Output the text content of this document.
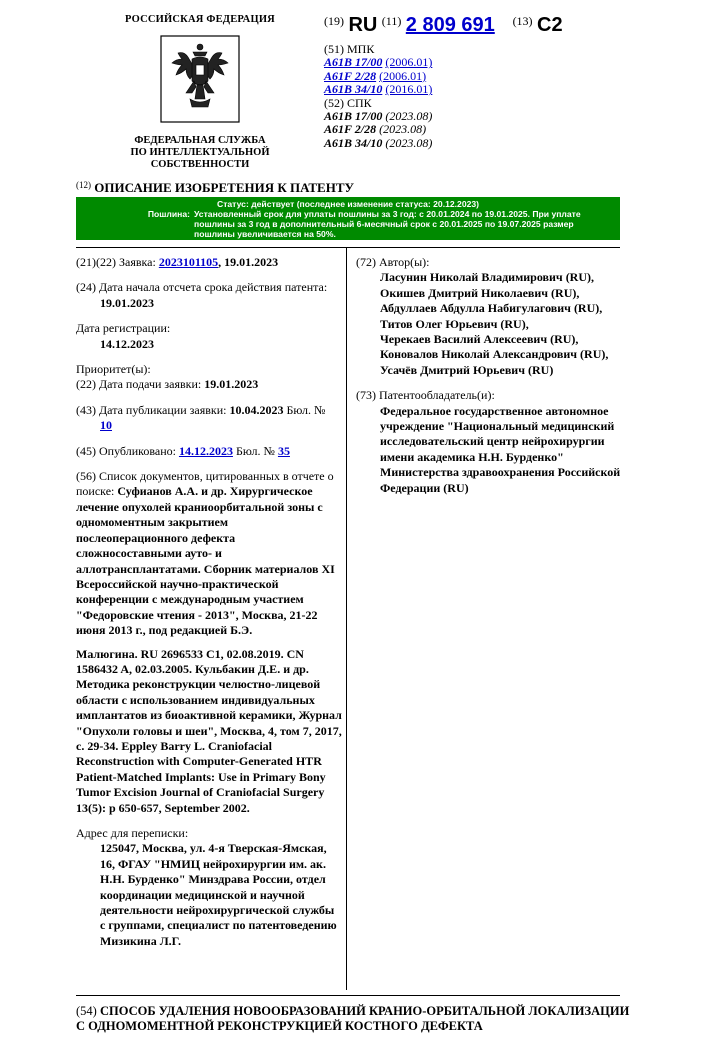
РОССИЙСКАЯ ФЕДЕРАЦИЯ
ФЕДЕРАЛЬНАЯ СЛУЖБА
ПО ИНТЕЛЛЕКТУАЛЬНОЙ СОБСТВЕННОСТИ
$^{(19)}$ RU $^{(11)}$ 2 809 691 $^{(13)}$ C2
(51) МПК
A61B 17/00 (2006.01)
A61F 2/28 (2006.01)
A61B 34/10 (2016.01)
(52) СПК
A61B 17/00 (2023.08)
A61F 2/28 (2023.08)
A61B 34/10 (2023.08)
$^{(12)}$ ОПИСАНИЕ ИЗОБРЕТЕНИЯ К ПАТЕНТУ
Статус: действует (последнее изменение статуса: 20.12.2023)
Пошлина: Установленный срок для уплаты пошлины за 3 год: с 20.01.2024 по 19.01.2025. При уплате пошлины за 3 год в дополнительный 6-месячный срок с 20.01.2025 по 19.07.2025 размер пошлины увеличивается на 50%.
(21)(22) Заявка: 2023101105, 19.01.2023
(24) Дата начала отсчета срока действия патента:
19.01.2023
Дата регистрации:
14.12.2023
Приоритет(ы):
(22) Дата подачи заявки: 19.01.2023
(43) Дата публикации заявки: 10.04.2023 Бюл. №
10
(45) Опубликовано: 14.12.2023 Бюл. № 35
(56) Список документов, цитированных в отчете о поиске: Суфианов А.А. и др. Хирургическое лечение опухолей краниоорбитальной зоны с одномоментным закрытием послеоперационного дефекта сложносоставными ауто- и аллотрансплантатами. Сборник материалов XI Всероссийской научно-практической конференции с международным участием "Федоровские чтения - 2013", Москва, 21-22 июня 2013 г., под редакцией Б.Э.
Малюгина. RU 2696533 C1, 02.08.2019. CN 1586432 A, 02.03.2005. Кульбакин Д.Е. и др. Методика реконструкции челюстно-лицевой области с использованием индивидуальных имплантатов из биоактивной керамики, Журнал "Опухоли головы и шеи", Москва, 4, том 7, 2017, с. 29-34. Eppley Barry L. Craniofacial Reconstruction with Computer-Generated HTR Patient-Matched Implants: Use in Primary Bony Tumor Excision Journal of Craniofacial Surgery 13(5): p 650-657, September 2002.
Адрес для переписки:
125047, Москва, ул. 4-я Тверская-Ямская, 16, ФГАУ "НМИЦ нейрохирургии им. ак. Н.Н. Бурденко" Минздрава России, отдел координации медицинской и научной деятельности нейрохирургической службы с группами, специалист по патентоведению Мизикина Л.Г.
(72) Автор(ы):
Ласунин Николай Владимирович (RU),
Окишев Дмитрий Николаевич (RU),
Абдуллаев Абдулла Набигулагович (RU),
Титов Олег Юрьевич (RU),
Черекаев Василий Алексеевич (RU),
Коновалов Николай Александрович (RU),
Усачёв Дмитрий Юрьевич (RU)
(73) Патентообладатель(и):
Федеральное государственное автономное учреждение "Национальный медицинский исследовательский центр нейрохирургии имени академика Н.Н. Бурденко" Министерства здравоохранения Российской Федерации (RU)
(54) СПОСОБ УДАЛЕНИЯ НОВООБРАЗОВАНИЙ КРАНИО-ОРБИТАЛЬНОЙ ЛОКАЛИЗАЦИИ С ОДНОМОМЕНТНОЙ РЕКОНСТРУКЦИЕЙ КОСТНОГО ДЕФЕКТА
